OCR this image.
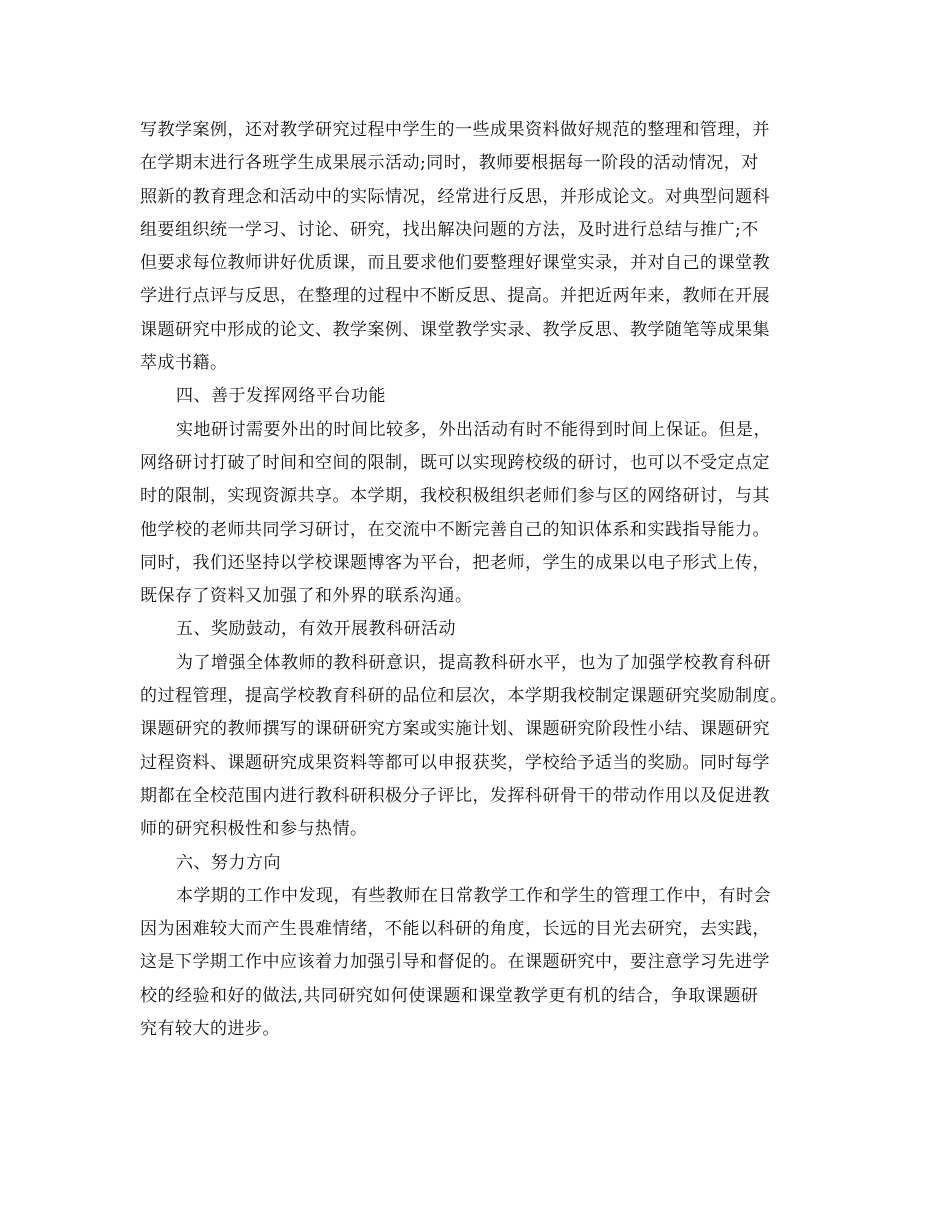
写教学案例，还对教学研究过程中学生的一些成果资料做好规范的整理和管理，并
在学期末进行各班学生成果展示活动;同时，教师要根据每一阶段的活动情况，对
照新的教育理念和活动中的实际情况，经常进行反思，并形成论文。对典型问题科
组要组织统一学习、讨论、研究，找出解决问题的方法，及时进行总结与推广;不
但要求每位教师讲好优质课，而且要求他们要整理好课堂实录，并对自己的课堂教
学进行点评与反思，在整理的过程中不断反思、提高。并把近两年来，教师在开展
课题研究中形成的论文、教学案例、课堂教学实录、教学反思、教学随笔等成果集
萃成书籍。
四、善于发挥网络平台功能
实地研讨需要外出的时间比较多，外出活动有时不能得到时间上保证。但是，
网络研讨打破了时间和空间的限制，既可以实现跨校级的研讨，也可以不受定点定
时的限制，实现资源共享。本学期，我校积极组织老师们参与区的网络研讨，与其
他学校的老师共同学习研讨，在交流中不断完善自己的知识体系和实践指导能力。
同时，我们还坚持以学校课题博客为平台，把老师，学生的成果以电子形式上传，
既保存了资料又加强了和外界的联系沟通。
五、奖励鼓动，有效开展教科研活动
为了增强全体教师的教科研意识，提高教科研水平，也为了加强学校教育科研
的过程管理，提高学校教育科研的品位和层次，本学期我校制定课题研究奖励制度。
课题研究的教师撰写的课研研究方案或实施计划、课题研究阶段性小结、课题研究
过程资料、课题研究成果资料等都可以申报获奖，学校给予适当的奖励。同时每学
期都在全校范围内进行教科研积极分子评比，发挥科研骨干的带动作用以及促进教
师的研究积极性和参与热情。
六、努力方向
本学期的工作中发现，有些教师在日常教学工作和学生的管理工作中，有时会
因为困难较大而产生畏难情绪，不能以科研的角度，长远的目光去研究，去实践，
这是下学期工作中应该着力加强引导和督促的。在课题研究中，要注意学习先进学
校的经验和好的做法,共同研究如何使课题和课堂教学更有机的结合，争取课题研
究有较大的进步。
